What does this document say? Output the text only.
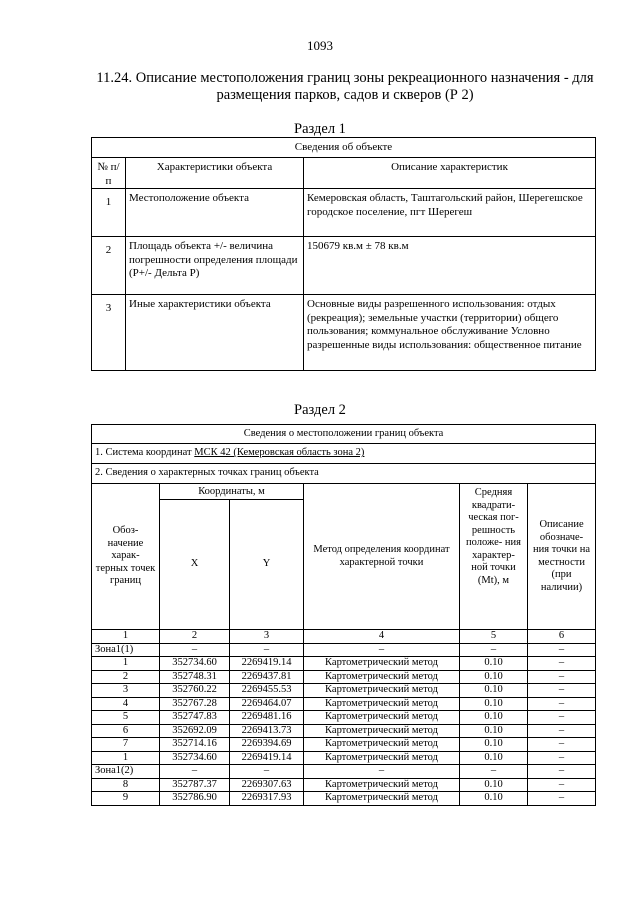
1093
11.24. Описание местоположения границ зоны рекреационного назначения - для размещения парков, садов и скверов (Р 2)
Раздел 1
Сведения об объекте		
№ п/п	Характеристики объекта	Описание характеристик
1	Местоположение объекта	Кемеровская область, Таштагольский район, Шерегешское городское поселение, пгт Шерегеш
2	Площадь объекта +/- величина погрешности определения площади (Р+/- Дельта Р)	150679 кв.м ± 78 кв.м
3	Иные характеристики объекта	Основные виды разрешенного использования: отдых (рекреация); земельные участки (территории) общего пользования; коммунальное обслуживание Условно разрешенные виды использования: общественное питание
Раздел 2
Сведения о местоположении границ объекта					
1. Система координат МСК 42 (Кемеровская область зона 2)					
2. Сведения о характерных точках границ объекта					
Обоз- начение харак- терных точек границ	Координаты, м		Метод определения координат характерной точки	Средняя квадрати- ческая пог- решность положе- ния характер- ной точки (Mt), м	Описание обозначе- ния точки на местности (при наличии)
	X	Y			
1	2	3	4	5	6
Зона1(1)	–	–	–	–	–
1	352734.60	2269419.14	Картометрический метод	0.10	–
2	352748.31	2269437.81	Картометрический метод	0.10	–
3	352760.22	2269455.53	Картометрический метод	0.10	–
4	352767.28	2269464.07	Картометрический метод	0.10	–
5	352747.83	2269481.16	Картометрический метод	0.10	–
6	352692.09	2269413.73	Картометрический метод	0.10	–
7	352714.16	2269394.69	Картометрический метод	0.10	–
1	352734.60	2269419.14	Картометрический метод	0.10	–
Зона1(2)	–	–	–	–	–
8	352787.37	2269307.63	Картометрический метод	0.10	–
9	352786.90	2269317.93	Картометрический метод	0.10	–
